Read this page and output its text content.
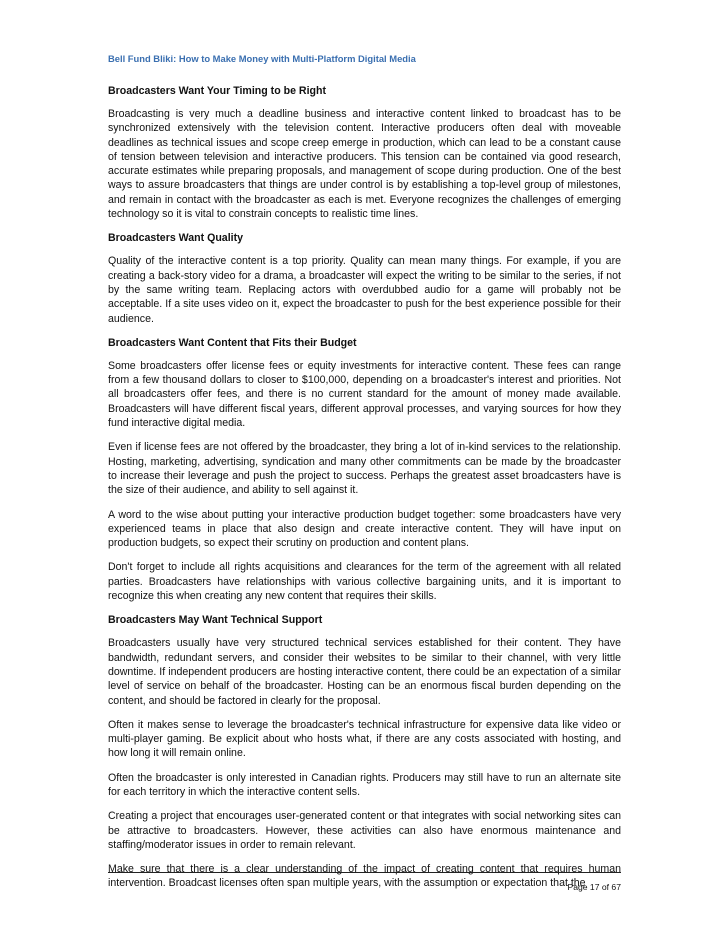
Bell Fund Bliki: How to Make Money with Multi-Platform Digital Media
Broadcasters Want Your Timing to be Right

Broadcasting is very much a deadline business and interactive content linked to broadcast has to be synchronized extensively with the television content. Interactive producers often deal with moveable deadlines as technical issues and scope creep emerge in production, which can lead to be a constant cause of tension between television and interactive producers. This tension can be contained via good research, accurate estimates while preparing proposals, and management of scope during production. One of the best ways to assure broadcasters that things are under control is by establishing a top-level group of milestones, and remain in contact with the broadcaster as each is met. Everyone recognizes the challenges of emerging technology so it is vital to constrain concepts to realistic time lines.

Broadcasters Want Quality

Quality of the interactive content is a top priority. Quality can mean many things. For example, if you are creating a back-story video for a drama, a broadcaster will expect the writing to be similar to the series, if not by the same writing team. Replacing actors with overdubbed audio for a game will probably not be acceptable. If a site uses video on it, expect the broadcaster to push for the best experience possible for their audience.

Broadcasters Want Content that Fits their Budget

Some broadcasters offer license fees or equity investments for interactive content. These fees can range from a few thousand dollars to closer to $100,000, depending on a broadcaster's interest and priorities. Not all broadcasters offer fees, and there is no current standard for the amount of money made available. Broadcasters will have different fiscal years, different approval processes, and varying sources for how they fund interactive digital media.

Even if license fees are not offered by the broadcaster, they bring a lot of in-kind services to the relationship. Hosting, marketing, advertising, syndication and many other commitments can be made by the broadcaster to increase their leverage and push the project to success. Perhaps the greatest asset broadcasters have is the size of their audience, and ability to sell against it.

A word to the wise about putting your interactive production budget together: some broadcasters have very experienced teams in place that also design and create interactive content. They will have input on production budgets, so expect their scrutiny on production and content plans.

Don't forget to include all rights acquisitions and clearances for the term of the agreement with all related parties. Broadcasters have relationships with various collective bargaining units, and it is important to recognize this when creating any new content that requires their skills.

Broadcasters May Want Technical Support

Broadcasters usually have very structured technical services established for their content. They have bandwidth, redundant servers, and consider their websites to be similar to their channel, with very little downtime. If independent producers are hosting interactive content, there could be an expectation of a similar level of service on behalf of the broadcaster. Hosting can be an enormous fiscal burden depending on the content, and should be factored in clearly for the proposal.

Often it makes sense to leverage the broadcaster's technical infrastructure for expensive data like video or multi-player gaming. Be explicit about who hosts what, if there are any costs associated with hosting, and how long it will remain online.

Often the broadcaster is only interested in Canadian rights. Producers may still have to run an alternate site for each territory in which the interactive content sells.

Creating a project that encourages user-generated content or that integrates with social networking sites can be attractive to broadcasters. However, these activities can also have enormous maintenance and staffing/moderator issues in order to remain relevant.

Make sure that there is a clear understanding of the impact of creating content that requires human intervention. Broadcast licenses often span multiple years, with the assumption or expectation that the

Page 17 of 67
